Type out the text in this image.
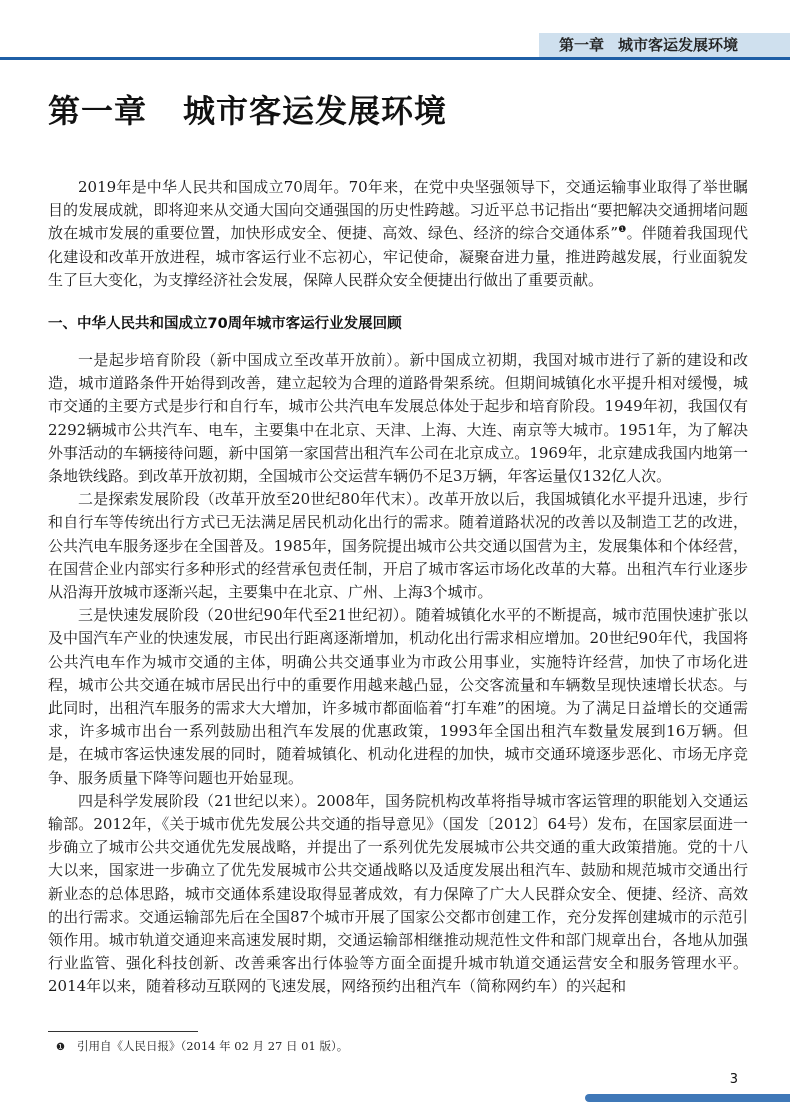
第一章 城市客运发展环境
第一章 城市客运发展环境

2019年是中华人民共和国成立70周年。70年来，在党中央坚强领导下，交通运输事业取得了举世瞩目的发展成就，即将迎来从交通大国向交通强国的历史性跨越。习近平总书记指出“要把解决交通拥堵问题放在城市发展的重要位置，加快形成安全、便捷、高效、绿色、经济的综合交通体系”$^❶$。伴随着我国现代化建设和改革开放进程，城市客运行业不忘初心，牢记使命，凝聚奋进力量，推进跨越发展，行业面貌发生了巨大变化，为支撑经济社会发展，保障人民群众安全便捷出行做出了重要贡献。

一、中华人民共和国成立70周年城市客运行业发展回顾

一是起步培育阶段（新中国成立至改革开放前）。新中国成立初期，我国对城市进行了新的建设和改造，城市道路条件开始得到改善，建立起较为合理的道路骨架系统。但期间城镇化水平提升相对缓慢，城市交通的主要方式是步行和自行车，城市公共汽电车发展总体处于起步和培育阶段。1949年初，我国仅有2292辆城市公共汽车、电车，主要集中在北京、天津、上海、大连、南京等大城市。1951年，为了解决外事活动的车辆接待问题，新中国第一家国营出租汽车公司在北京成立。1969年，北京建成我国内地第一条地铁线路。到改革开放初期，全国城市公交运营车辆仍不足3万辆，年客运量仅132亿人次。

二是探索发展阶段（改革开放至20世纪80年代末）。改革开放以后，我国城镇化水平提升迅速，步行和自行车等传统出行方式已无法满足居民机动化出行的需求。随着道路状况的改善以及制造工艺的改进，公共汽电车服务逐步在全国普及。1985年，国务院提出城市公共交通以国营为主，发展集体和个体经营，在国营企业内部实行多种形式的经营承包责任制，开启了城市客运市场化改革的大幕。出租汽车行业逐步从沿海开放城市逐渐兴起，主要集中在北京、广州、上海3个城市。

三是快速发展阶段（20世纪90年代至21世纪初）。随着城镇化水平的不断提高，城市范围快速扩张以及中国汽车产业的快速发展，市民出行距离逐渐增加，机动化出行需求相应增加。20世纪90年代，我国将公共汽电车作为城市交通的主体，明确公共交通事业为市政公用事业，实施特许经营，加快了市场化进程，城市公共交通在城市居民出行中的重要作用越来越凸显，公交客流量和车辆数呈现快速增长状态。与此同时，出租汽车服务的需求大大增加，许多城市都面临着“打车难”的困境。为了满足日益增长的交通需求，许多城市出台一系列鼓励出租汽车发展的优惠政策，1993年全国出租汽车数量发展到16万辆。但是，在城市客运快速发展的同时，随着城镇化、机动化进程的加快，城市交通环境逐步恶化、市场无序竞争、服务质量下降等问题也开始显现。

四是科学发展阶段（21世纪以来）。2008年，国务院机构改革将指导城市客运管理的职能划入交通运输部。2012年，《关于城市优先发展公共交通的指导意见》（国发〔2012〕64号）发布，在国家层面进一步确立了城市公共交通优先发展战略，并提出了一系列优先发展城市公共交通的重大政策措施。党的十八大以来，国家进一步确立了优先发展城市公共交通战略以及适度发展出租汽车、鼓励和规范城市交通出行新业态的总体思路，城市交通体系建设取得显著成效，有力保障了广大人民群众安全、便捷、经济、高效的出行需求。交通运输部先后在全国87个城市开展了国家公交都市创建工作，充分发挥创建城市的示范引领作用。城市轨道交通迎来高速发展时期，交通运输部相继推动规范性文件和部门规章出台，各地从加强行业监管、强化科技创新、改善乘客出行体验等方面全面提升城市轨道交通运营安全和服务管理水平。2014年以来，随着移动互联网的飞速发展，网络预约出租汽车（简称网约车）的兴起和

❶ 引用自《人民日报》（2014 年 02 月 27 日 01 版）。
3
